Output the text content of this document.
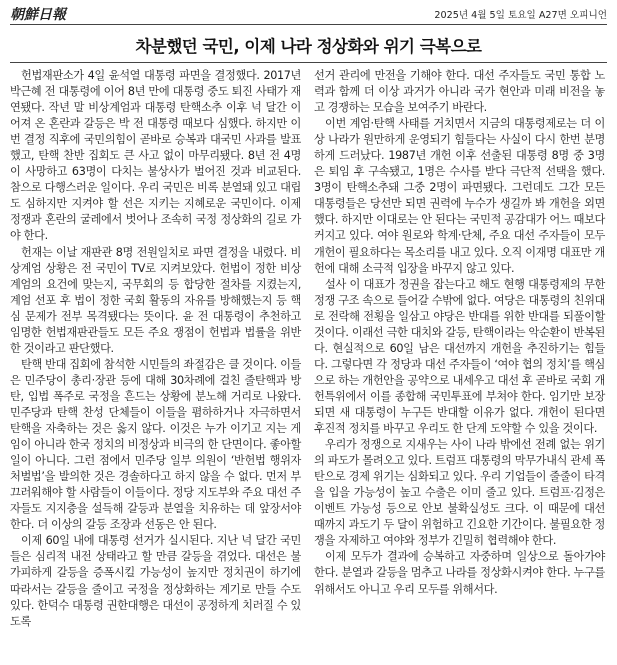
朝鮮日報	2025년 4월 5일 토요일 A27면 오피니언
차분했던 국민, 이제 나라 정상화와 위기 극복으로

헌법재판소가 4일 윤석열 대통령 파면을 결정했다. 2017년 박근혜 전 대통령에 이어 8년 만에 대통령 중도 퇴진 사태가 재연됐다. 작년 말 비상계엄과 대통령 탄핵소추 이후 넉 달간 이어져 온 혼란과 갈등은 박 전 대통령 때보다 심했다. 하지만 이번 결정 직후에 국민의힘이 곧바로 승복과 대국민 사과를 발표했고, 탄핵 찬반 집회도 큰 사고 없이 마무리됐다. 8년 전 4명이 사망하고 63명이 다치는 불상사가 벌어진 것과 비교된다. 참으로 다행스러운 일이다. 우리 국민은 비록 분열돼 있고 대립도 심하지만 지켜야 할 선은 지키는 지혜로운 국민이다. 이제 정쟁과 혼란의 굴레에서 벗어나 조속히 국정 정상화의 길로 가야 한다.

헌재는 이날 재판관 8명 전원일치로 파면 결정을 내렸다. 비상계엄 상황은 전 국민이 TV로 지켜보았다. 헌법이 정한 비상계엄의 요건에 맞는지, 국무회의 등 합당한 절차를 지켰는지, 계엄 선포 후 법이 정한 국회 활동의 자유를 방해했는지 등 핵심 문제가 전부 목격됐다는 뜻이다. 윤 전 대통령이 추천하고 임명한 헌법재판관들도 모든 주요 쟁점이 헌법과 법률을 위반한 것이라고 판단했다.

탄핵 반대 집회에 참석한 시민들의 좌절감은 클 것이다. 이들은 민주당이 총리·장관 등에 대해 30차례에 걸친 줄탄핵과 방탄, 입법 폭주로 국정을 흔드는 상황에 분노해 거리로 나왔다. 민주당과 탄핵 찬성 단체들이 이들을 폄하하거나 자극하면서 탄핵을 자축하는 것은 옳지 않다. 이것은 누가 이기고 지는 게임이 아니라 한국 정치의 비정상과 비극의 한 단면이다. 좋아할 일이 아니다. 그런 점에서 민주당 일부 의원이 ‘반헌법 행위자 처벌법’을 발의한 것은 경솔하다고 하지 않을 수 없다. 먼저 부끄러워해야 할 사람들이 이들이다. 정당 지도부와 주요 대선 주자들도 지지층을 설득해 갈등과 분열을 치유하는 데 앞장서야 한다. 더 이상의 갈등 조장과 선동은 안 된다.

이제 60일 내에 대통령 선거가 실시된다. 지난 넉 달간 국민들은 심리적 내전 상태라고 할 만큼 갈등을 겪었다. 대선은 불가피하게 갈등을 증폭시킬 가능성이 높지만 정치권이 하기에 따라서는 갈등을 줄이고 국정을 정상화하는 계기로 만들 수도 있다. 한덕수 대통령 권한대행은 대선이 공정하게 치러질 수 있도록

선거 관리에 만전을 기해야 한다. 대선 주자들도 국민 통합 노력과 함께 더 이상 과거가 아니라 국가 현안과 미래 비전을 놓고 경쟁하는 모습을 보여주기 바란다.

이번 계엄·탄핵 사태를 거치면서 지금의 대통령제로는 더 이상 나라가 원만하게 운영되기 힘들다는 사실이 다시 한번 분명하게 드러났다. 1987년 개헌 이후 선출된 대통령 8명 중 3명은 퇴임 후 구속됐고, 1명은 수사를 받다 극단적 선택을 했다. 3명이 탄핵소추돼 그중 2명이 파면됐다. 그런데도 그간 모든 대통령들은 당선만 되면 권력에 누수가 생길까 봐 개헌을 외면했다. 하지만 이대로는 안 된다는 국민적 공감대가 어느 때보다 커지고 있다. 여야 원로와 학계·단체, 주요 대선 주자들이 모두 개헌이 필요하다는 목소리를 내고 있다. 오직 이재명 대표만 개헌에 대해 소극적 입장을 바꾸지 않고 있다.

설사 이 대표가 정권을 잡는다고 해도 현행 대통령제의 무한 정쟁 구조 속으로 들어갈 수밖에 없다. 여당은 대통령의 친위대로 전락해 전횡을 일삼고 야당은 반대를 위한 반대를 되풀이할 것이다. 이래선 극한 대치와 갈등, 탄핵이라는 악순환이 반복된다. 현실적으로 60일 남은 대선까지 개헌을 추진하기는 힘들다. 그렇다면 각 정당과 대선 주자들이 ‘여야 협의 정치’를 핵심으로 하는 개헌안을 공약으로 내세우고 대선 후 곧바로 국회 개헌특위에서 이를 종합해 국민투표에 부쳐야 한다. 임기만 보장되면 새 대통령이 누구든 반대할 이유가 없다. 개헌이 된다면 후진적 정치를 바꾸고 우리도 한 단계 도약할 수 있을 것이다.

우리가 정쟁으로 지새우는 사이 나라 밖에선 전례 없는 위기의 파도가 몰려오고 있다. 트럼프 대통령의 막무가내식 관세 폭탄으로 경제 위기는 심화되고 있다. 우리 기업들이 줄줄이 타격을 입을 가능성이 높고 수출은 이미 줄고 있다. 트럼프·김정은 이벤트 가능성 등으로 안보 불확실성도 크다. 이 때문에 대선 때까지 과도기 두 달이 위험하고 긴요한 기간이다. 불필요한 정쟁을 자제하고 여야와 정부가 긴밀히 협력해야 한다.

이제 모두가 결과에 승복하고 자중하며 일상으로 돌아가야 한다. 분열과 갈등을 멈추고 나라를 정상화시켜야 한다. 누구를 위해서도 아니고 우리 모두를 위해서다.
